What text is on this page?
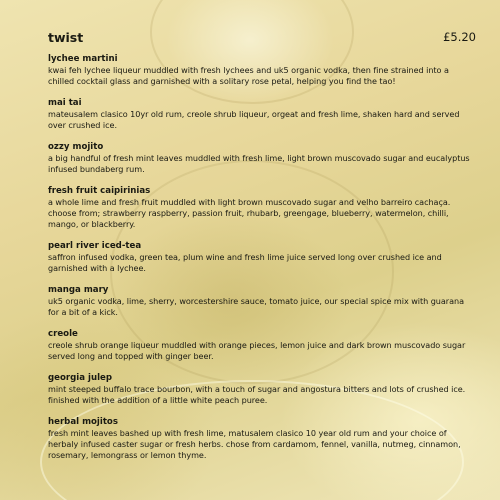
twist	£5.20
lychee martini
kwai feh lychee liqueur muddled with fresh lychees and uk5 organic vodka, then fine strained into a chilled cocktail glass and garnished with a solitary rose petal, helping you find the tao!
mai tai
mateusalem clasico 10yr old rum, creole shrub liqueur, orgeat and fresh lime, shaken hard and served over crushed ice.
ozzy mojito
a big handful of fresh mint leaves muddled with fresh lime, light brown muscovado sugar and eucalyptus infused bundaberg rum.
fresh fruit caipirinias
a whole lime and fresh fruit muddled with light brown muscovado sugar and velho barreiro cachaça. choose from; strawberry raspberry, passion fruit, rhubarb, greengage, blueberry, watermelon, chilli, mango, or blackberry.
pearl river iced-tea
saffron infused vodka, green tea, plum wine and fresh lime juice served long over crushed ice and garnished with a lychee.
manga mary
uk5 organic vodka, lime, sherry, worcestershire sauce, tomato juice, our special spice mix with guarana for a bit of a kick.
creole
creole shrub orange liqueur muddled with orange pieces, lemon juice and dark brown muscovado sugar served long and topped with ginger beer.
georgia julep
mint steeped buffalo trace bourbon, with a touch of sugar and angostura bitters and lots of crushed ice. finished with the addition of a little white peach puree.
herbal mojitos
fresh mint leaves bashed up with fresh lime, matusalem clasico 10 year old rum and your choice of herbaly infused caster sugar or fresh herbs. chose from cardamom, fennel, vanilla, nutmeg, cinnamon, rosemary, lemongrass or lemon thyme.
